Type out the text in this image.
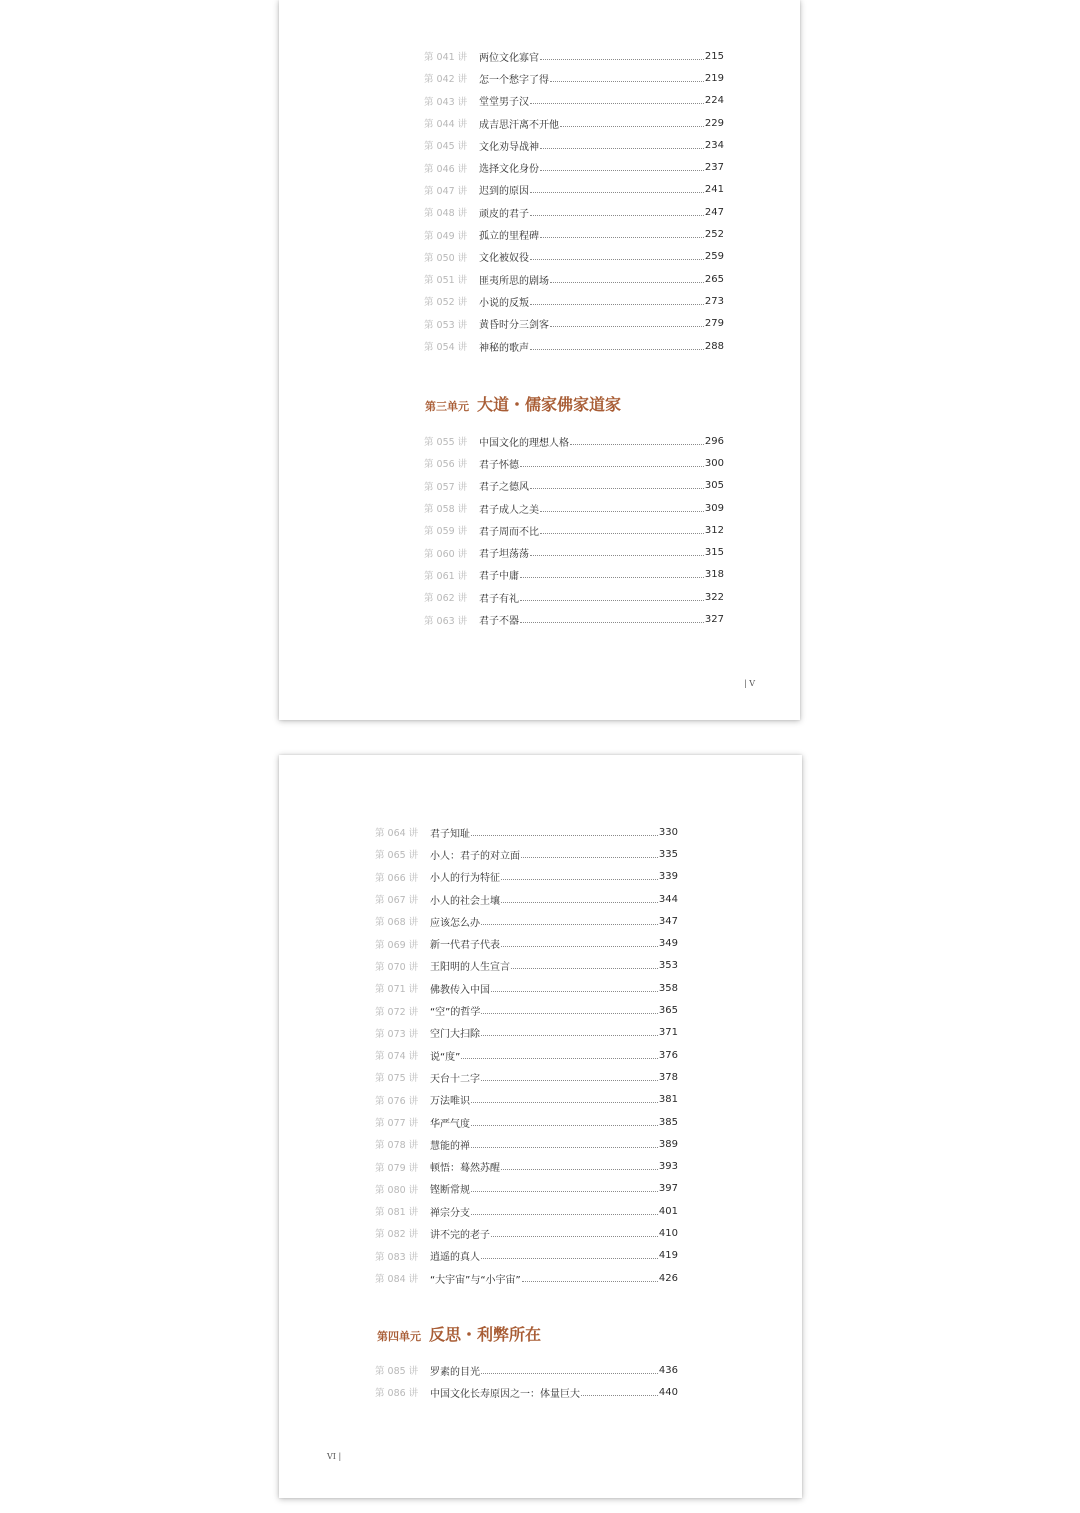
第 041 讲	两位文化寡官	215
第 042 讲	怎一个愁字了得	219
第 043 讲	堂堂男子汉	224
第 044 讲	成吉思汗离不开他	229
第 045 讲	文化劝导战神	234
第 046 讲	选择文化身份	237
第 047 讲	迟到的原因	241
第 048 讲	顽皮的君子	247
第 049 讲	孤立的里程碑	252
第 050 讲	文化被奴役	259
第 051 讲	匪夷所思的剧场	265
第 052 讲	小说的反叛	273
第 053 讲	黄昏时分三剑客	279
第 054 讲	神秘的歌声	288
第三单元 大道・儒家佛家道家
第 055 讲	中国文化的理想人格	296
第 056 讲	君子怀德	300
第 057 讲	君子之德风	305
第 058 讲	君子成人之美	309
第 059 讲	君子周而不比	312
第 060 讲	君子坦荡荡	315
第 061 讲	君子中庸	318
第 062 讲	君子有礼	322
第 063 讲	君子不器	327
| V
第 064 讲	君子知耻	330
第 065 讲	小人：君子的对立面	335
第 066 讲	小人的行为特征	339
第 067 讲	小人的社会土壤	344
第 068 讲	应该怎么办	347
第 069 讲	新一代君子代表	349
第 070 讲	王阳明的人生宣言	353
第 071 讲	佛教传入中国	358
第 072 讲	“空”的哲学	365
第 073 讲	空门大扫除	371
第 074 讲	说“度”	376
第 075 讲	天台十二字	378
第 076 讲	万法唯识	381
第 077 讲	华严气度	385
第 078 讲	慧能的禅	389
第 079 讲	顿悟：蓦然苏醒	393
第 080 讲	铿断常规	397
第 081 讲	禅宗分支	401
第 082 讲	讲不完的老子	410
第 083 讲	逍遥的真人	419
第 084 讲	“大宇宙”与“小宇宙”	426
第四单元 反思・利弊所在
第 085 讲	罗素的目光	436
第 086 讲	中国文化长寿原因之一：体量巨大	440
VI |
